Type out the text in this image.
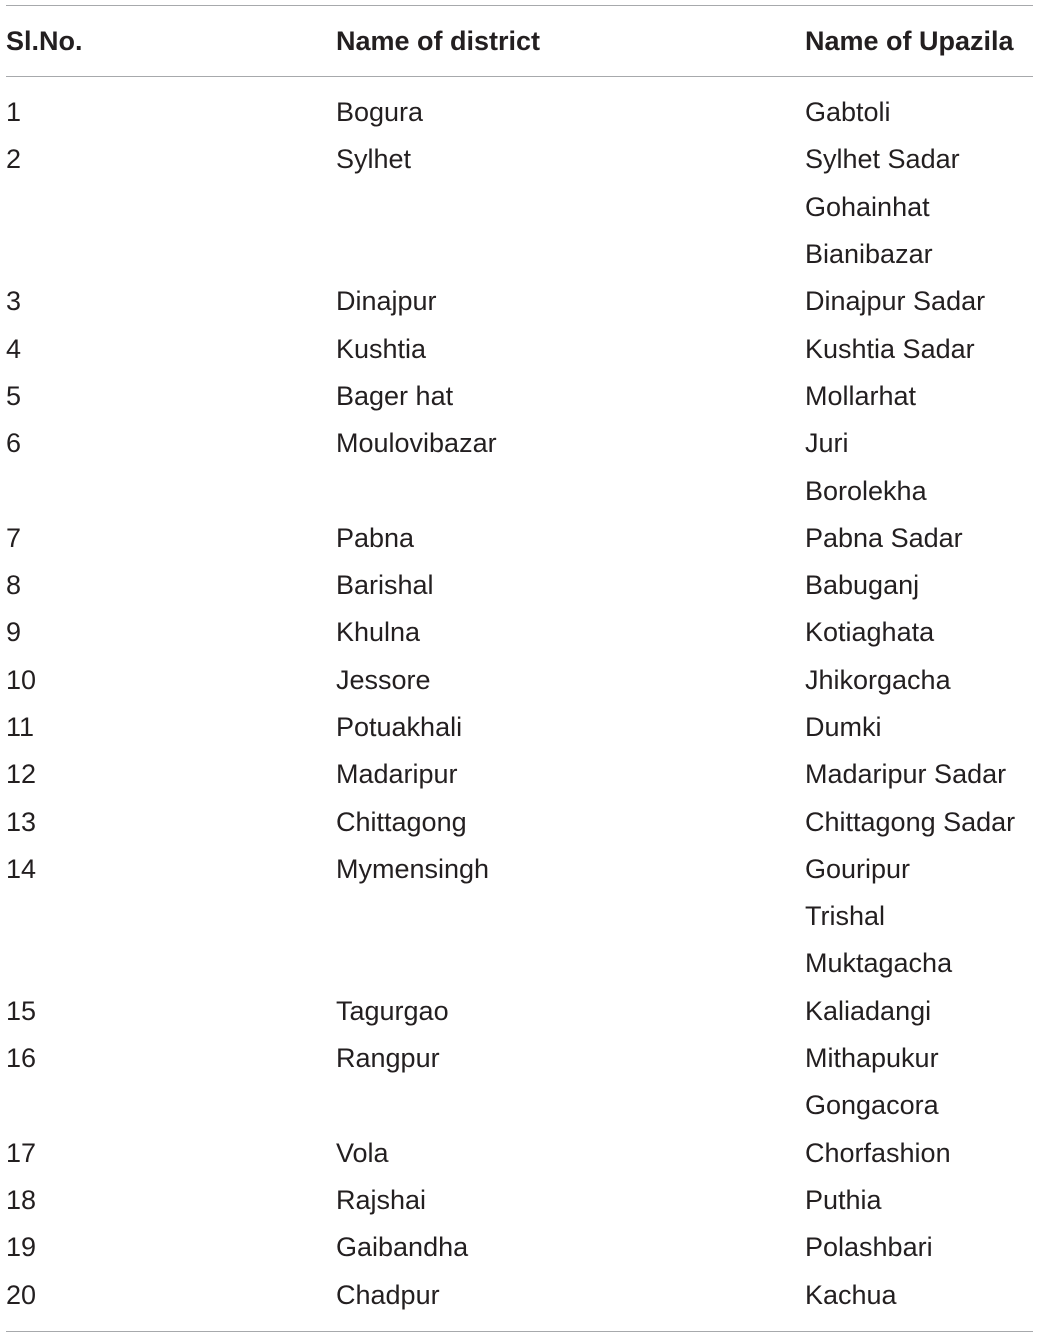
Sl.No.	Name of district	Name of Upazila
1	Bogura	Gabtoli
2	Sylhet	Sylhet Sadar
		Gohainhat
		Bianibazar
3	Dinajpur	Dinajpur Sadar
4	Kushtia	Kushtia Sadar
5	Bager hat	Mollarhat
6	Moulovibazar	Juri
		Borolekha
7	Pabna	Pabna Sadar
8	Barishal	Babuganj
9	Khulna	Kotiaghata
10	Jessore	Jhikorgacha
11	Potuakhali	Dumki
12	Madaripur	Madaripur Sadar
13	Chittagong	Chittagong Sadar
14	Mymensingh	Gouripur
		Trishal
		Muktagacha
15	Tagurgao	Kaliadangi
16	Rangpur	Mithapukur
		Gongacora
17	Vola	Chorfashion
18	Rajshai	Puthia
19	Gaibandha	Polashbari
20	Chadpur	Kachua
